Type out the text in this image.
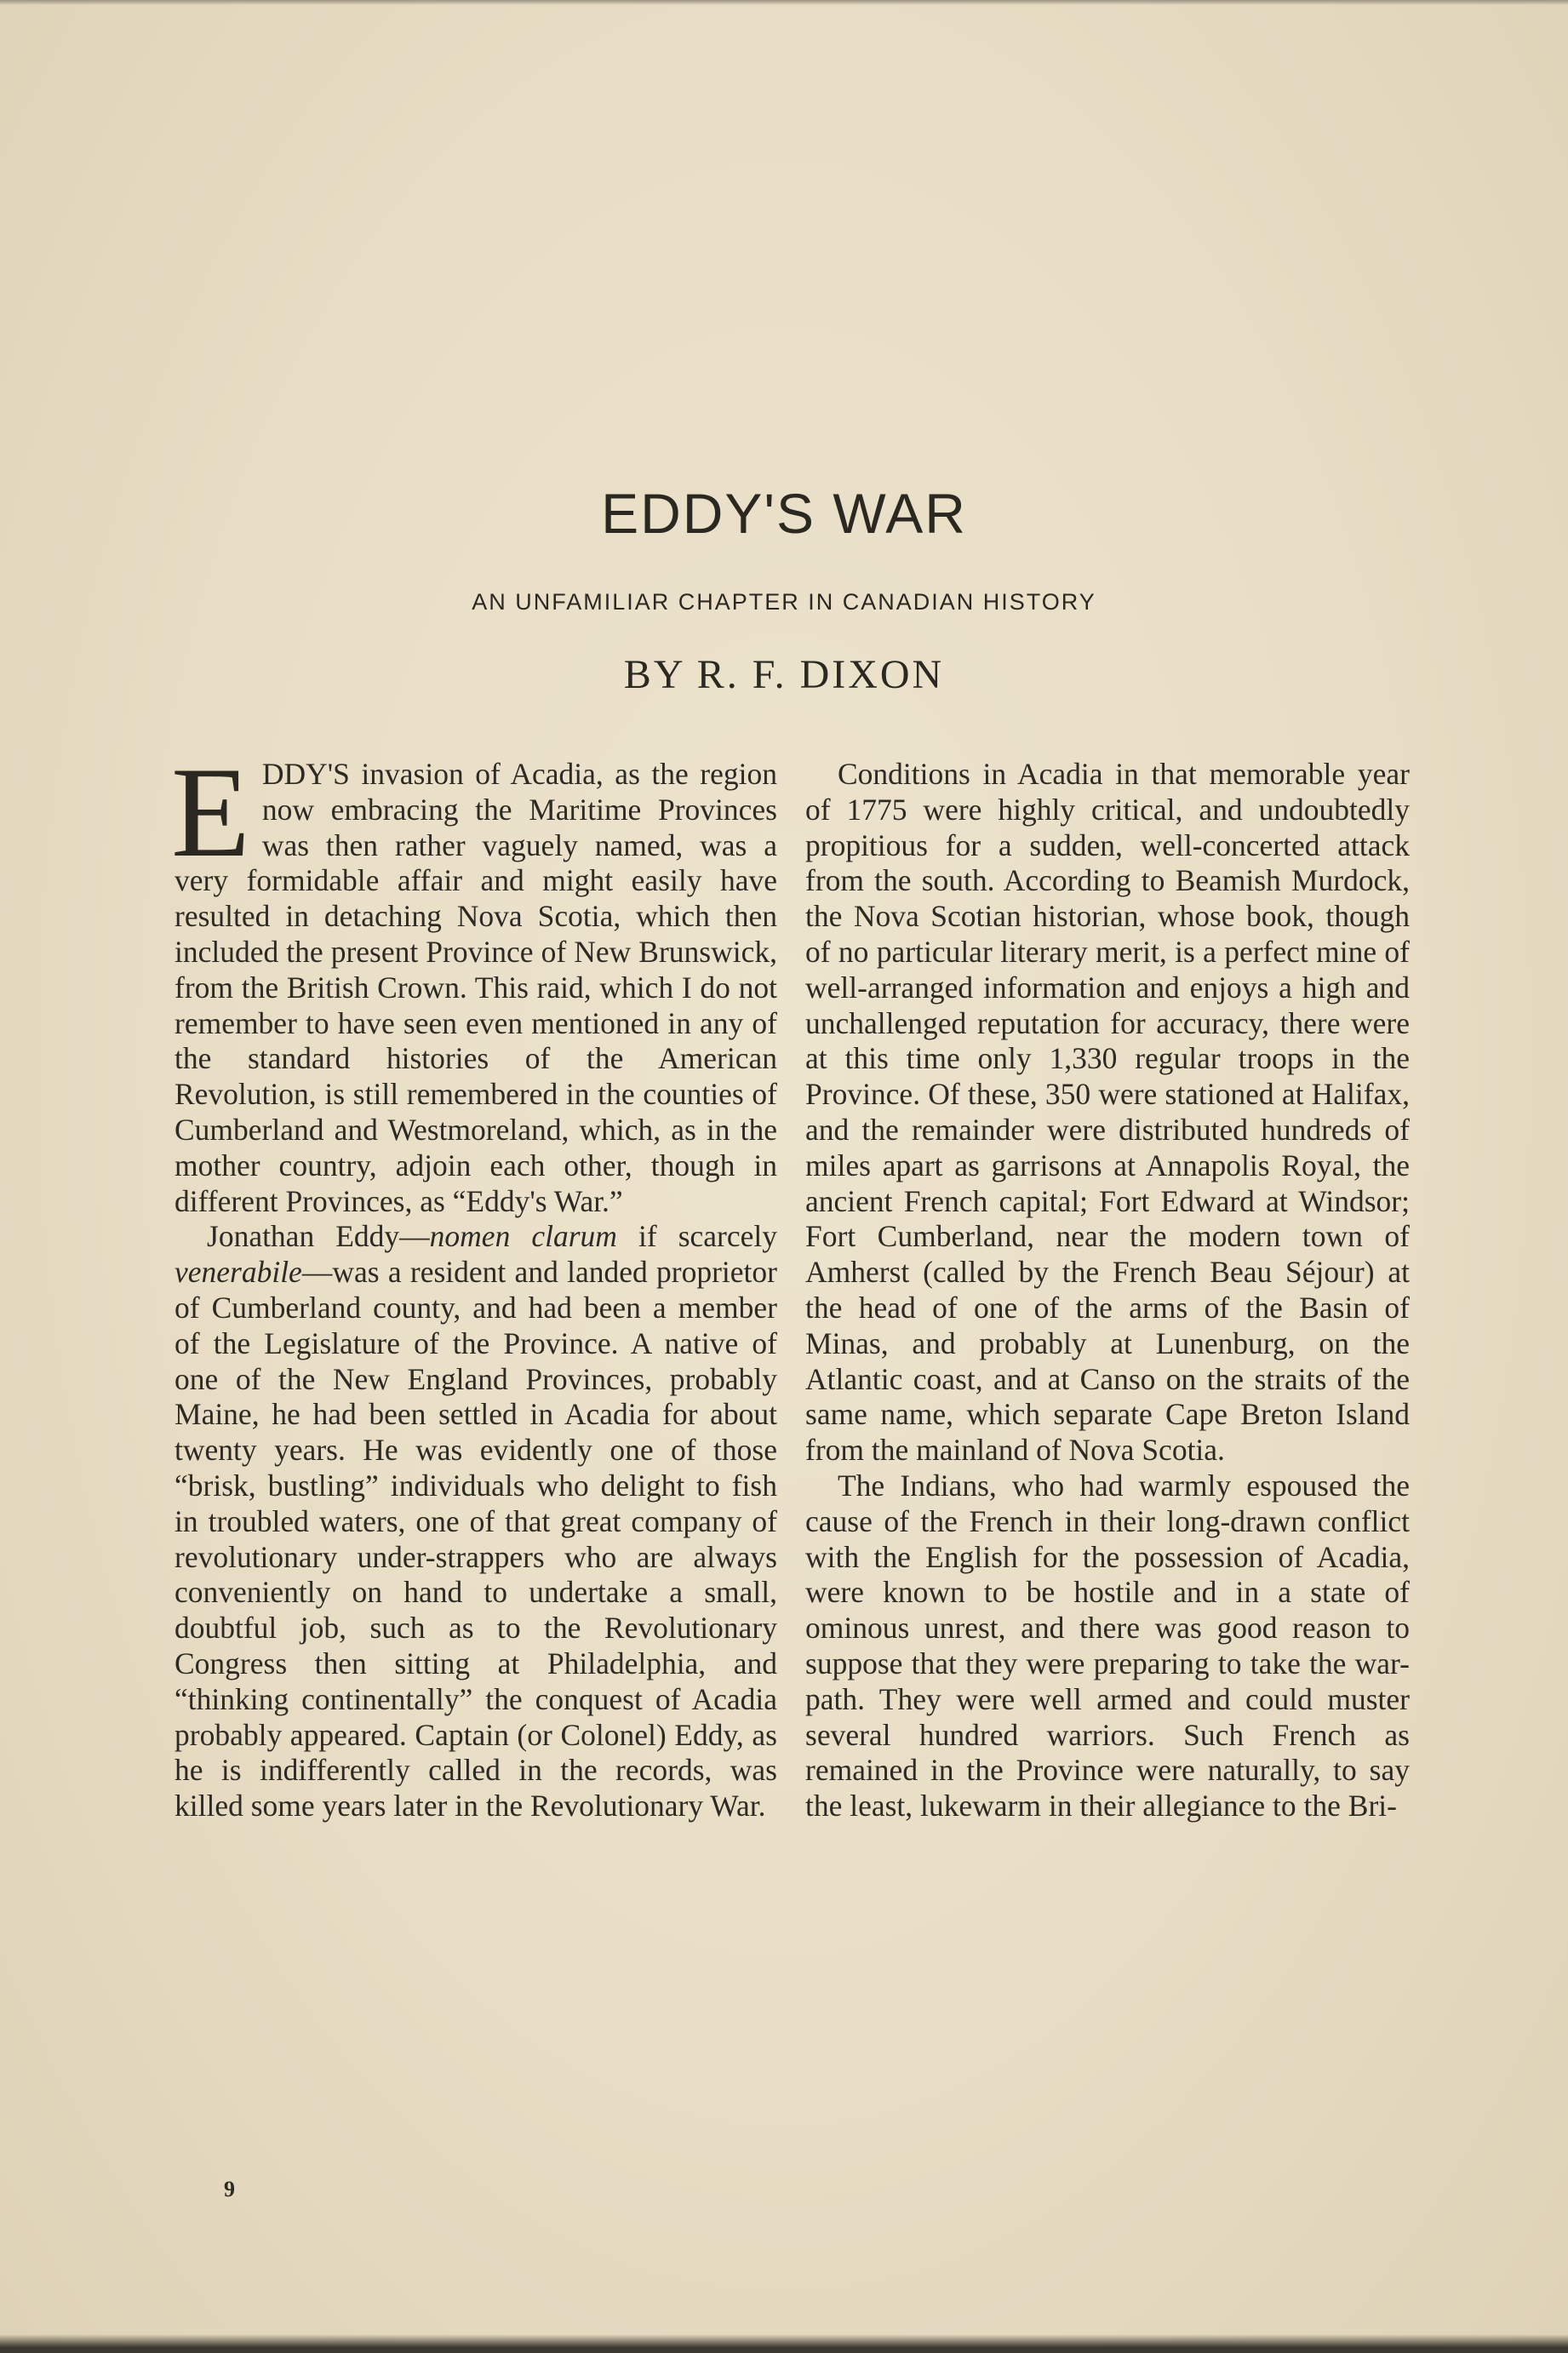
EDDY'S WAR
AN UNFAMILIAR CHAPTER IN CANADIAN HISTORY
BY R. F. DIXON

EDDY'S invasion of Acadia, as the region now embracing the Maritime Provinces was then rather vaguely named, was a very formidable affair and might easily have resulted in detaching Nova Scotia, which then included the present Province of New Brunswick, from the British Crown. This raid, which I do not remember to have seen even mentioned in any of the standard histories of the American Revolution, is still remembered in the counties of Cumberland and Westmoreland, which, as in the mother country, adjoin each other, though in different Provinces, as “Eddy's War.”

Jonathan Eddy—nomen clarum if scarcely venerabile—was a resident and landed proprietor of Cumberland county, and had been a member of the Legislature of the Province. A native of one of the New England Provinces, probably Maine, he had been settled in Acadia for about twenty years. He was evidently one of those “brisk, bustling” individuals who delight to fish in troubled waters, one of that great company of revolutionary under-strappers who are always conveniently on hand to undertake a small, doubtful job, such as to the Revolutionary Congress then sitting at Philadelphia, and “thinking continentally” the conquest of Acadia probably appeared. Captain (or Colonel) Eddy, as he is indifferently called in the records, was killed some years later in the Revolutionary War.

Conditions in Acadia in that memorable year of 1775 were highly critical, and undoubtedly propitious for a sudden, well-concerted attack from the south. According to Beamish Murdock, the Nova Scotian historian, whose book, though of no particular literary merit, is a perfect mine of well-arranged information and enjoys a high and unchallenged reputation for accuracy, there were at this time only 1,330 regular troops in the Province. Of these, 350 were stationed at Halifax, and the remainder were distributed hundreds of miles apart as garrisons at Annapolis Royal, the ancient French capital; Fort Edward at Windsor; Fort Cumberland, near the modern town of Amherst (called by the French Beau Séjour) at the head of one of the arms of the Basin of Minas, and probably at Lunenburg, on the Atlantic coast, and at Canso on the straits of the same name, which separate Cape Breton Island from the mainland of Nova Scotia.

The Indians, who had warmly espoused the cause of the French in their long-drawn conflict with the English for the possession of Acadia, were known to be hostile and in a state of ominous unrest, and there was good reason to suppose that they were preparing to take the war-path. They were well armed and could muster several hundred warriors. Such French as remained in the Province were naturally, to say the least, lukewarm in their allegiance to the Bri-

9
